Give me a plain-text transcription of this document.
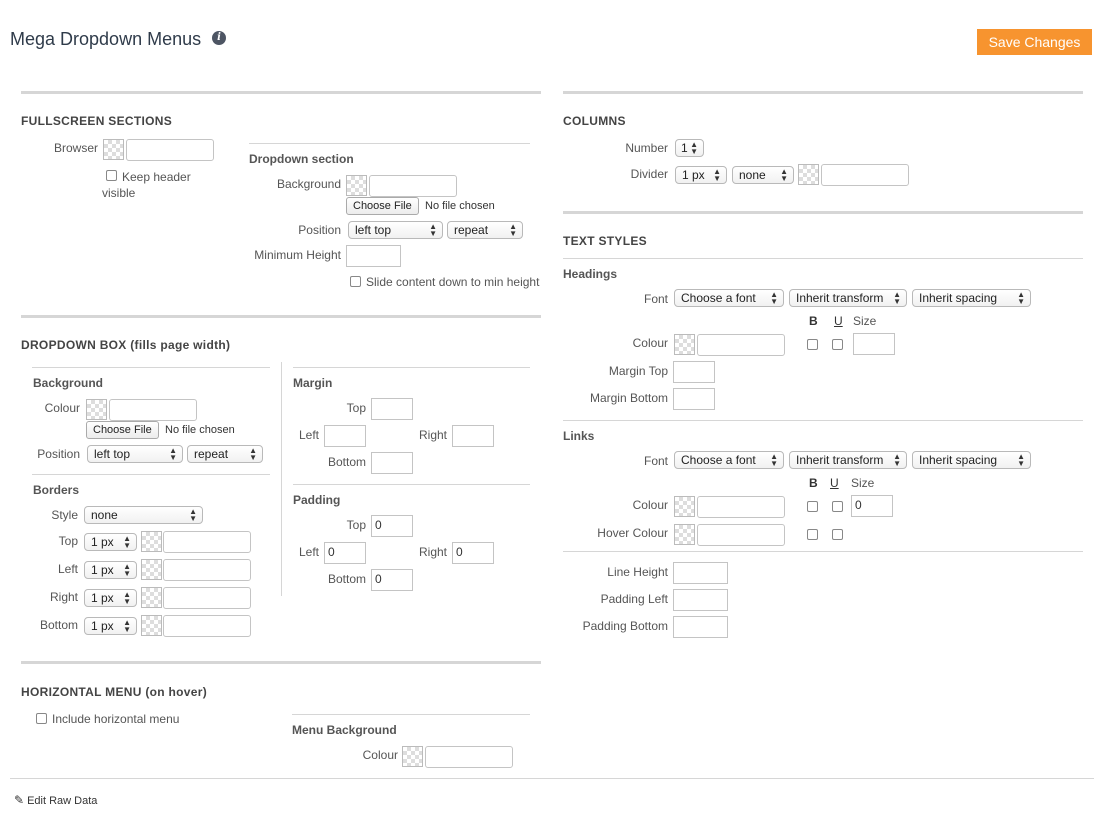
Mega Dropdown Menus	i	Save Changes
FULLSCREEN SECTIONS
Browser
Keep header visible
Dropdown section
Background
Choose File	No file chosen
Position	left top	▲
▼	repeat	▲
▼
Minimum Height
Slide content down to min height
DROPDOWN BOX (fills page width)
Background
Colour
Choose File	No file chosen
Position	left top	▲
▼	repeat	▲
▼
Borders
Style	none	▲
▼
Top	1 px ▲
▼
Left	1 px ▲
▼
Right	1 px ▲
▼
Bottom	1 px ▲
▼
Margin
Top
Left	Right
Bottom
Padding
Top 0
Left 0	Right 0
Bottom 0
HORIZONTAL MENU (on hover)
Include horizontal menu
Menu Background
Colour
COLUMNS
Number	1 ▲
▼
Divider	1 px ▲
▼	none ▲
▼
TEXT STYLES
Headings
Font	Choose a font ▲
▼	Inherit transform ▲
▼	Inherit spacing	▲
▼
B U Size
Colour
Margin Top
Margin Bottom
Links
Font	Choose a font ▲
▼	Inherit transform ▲
▼	Inherit spacing	▲
▼
B U Size
Colour	0
Hover Colour
Line Height
Padding Left
Padding Bottom
✎ Edit Raw Data
